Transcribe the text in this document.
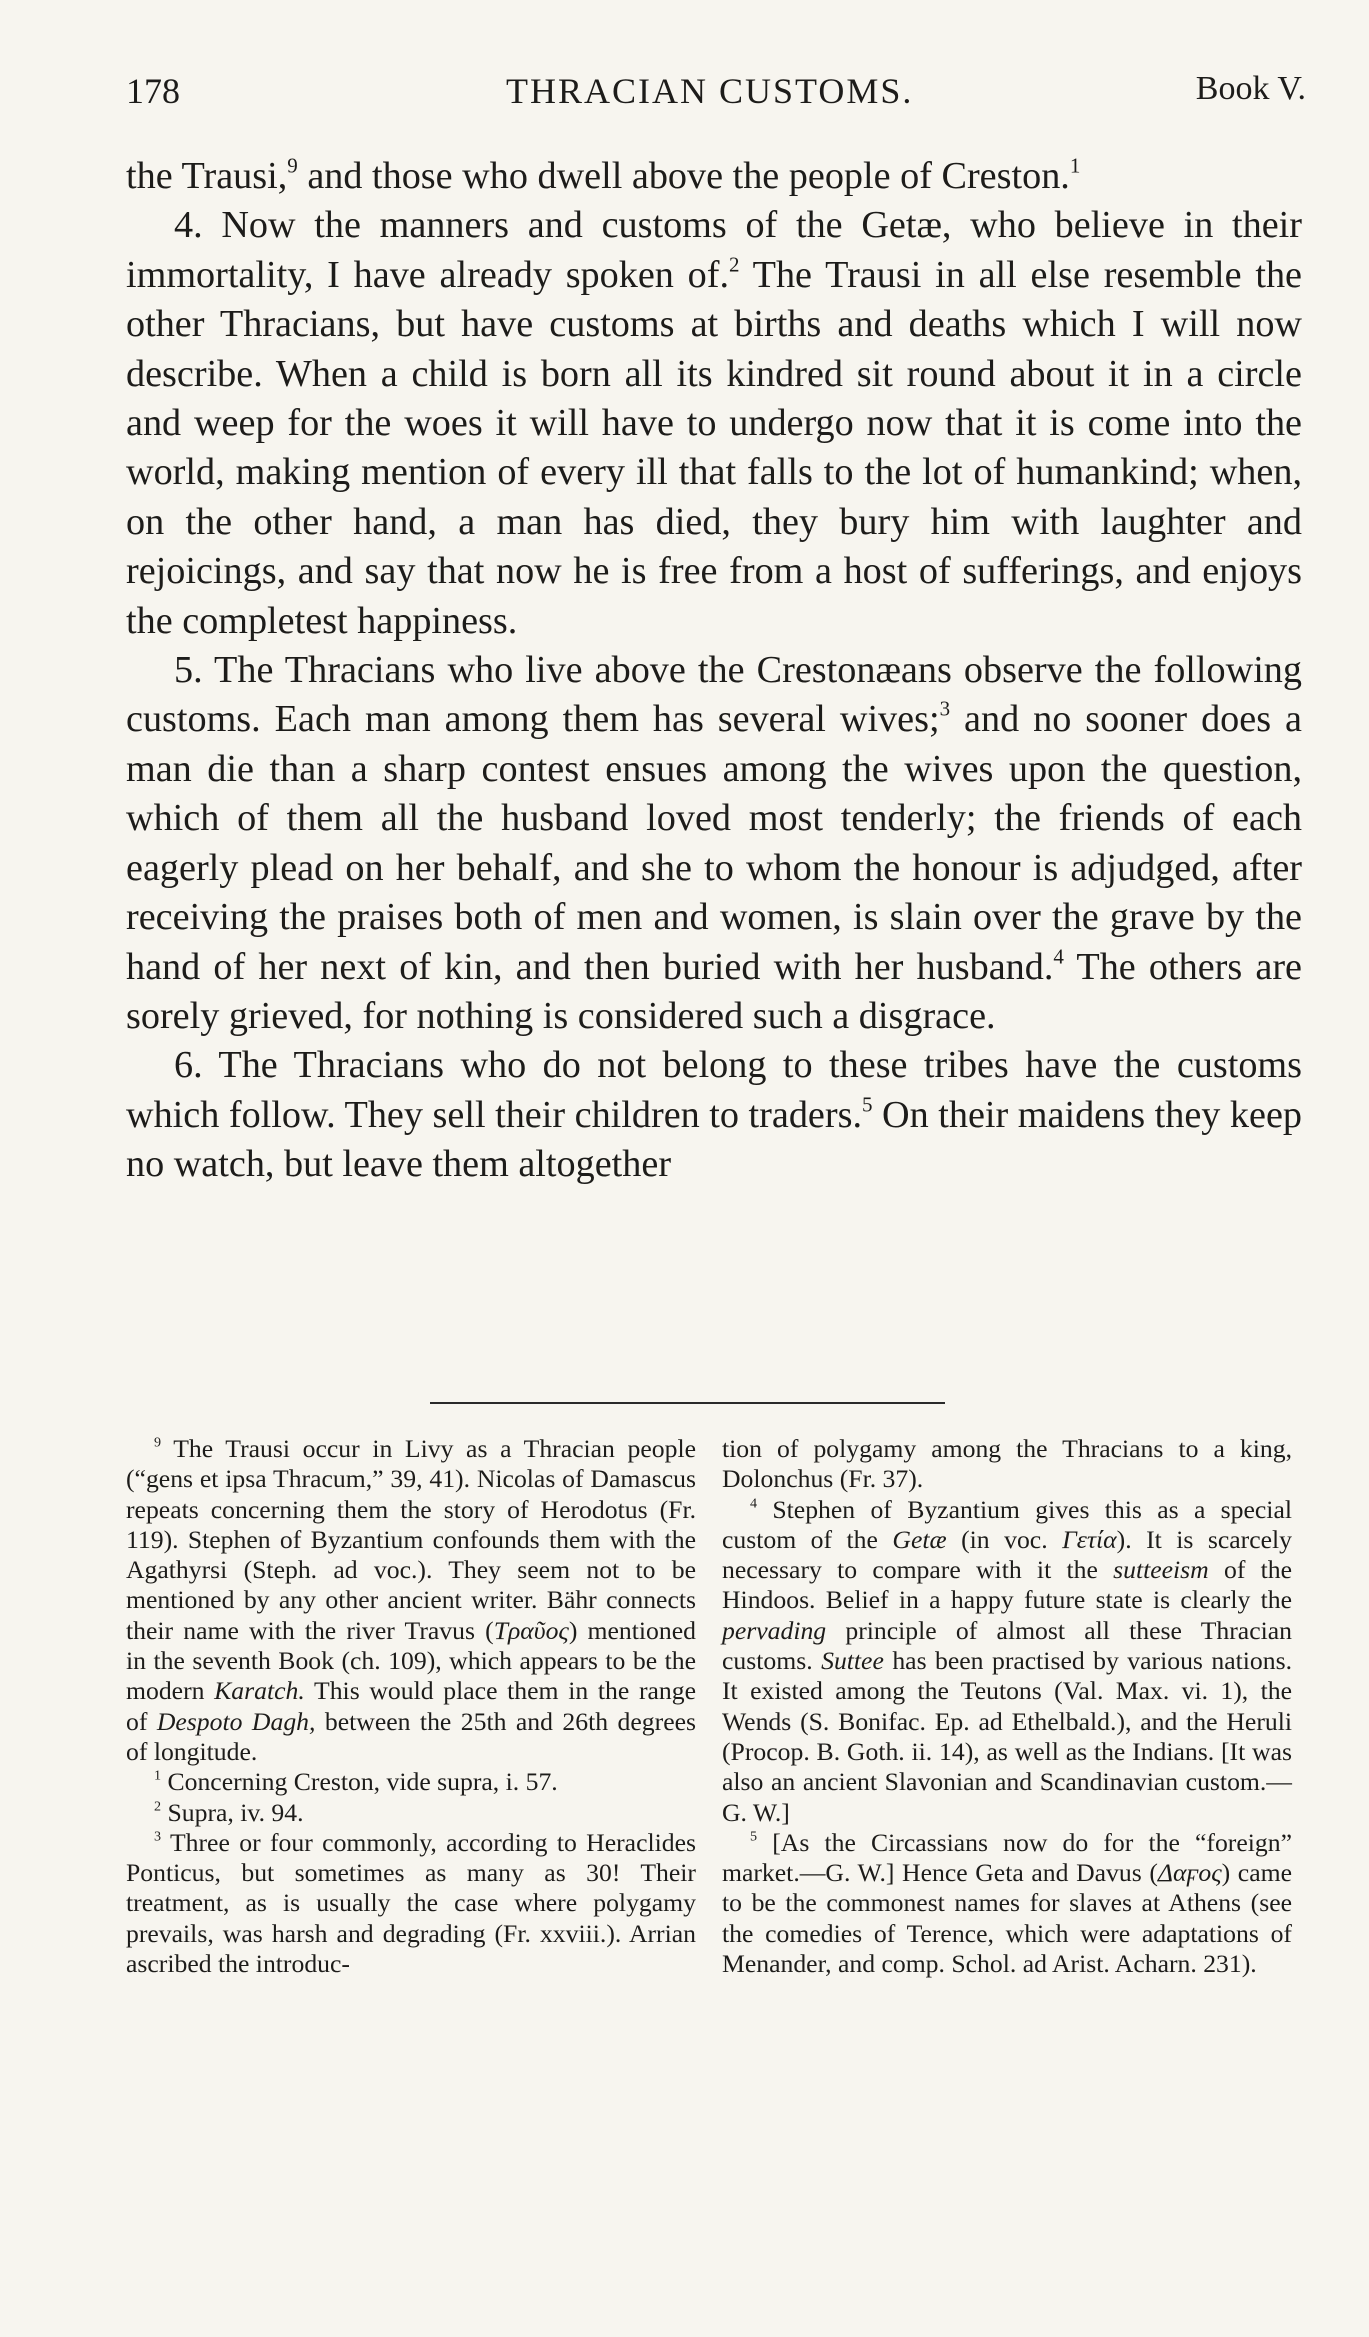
178	THRACIAN CUSTOMS.	Book V.

the Trausi,$^9$ and those who dwell above the people of Creston.$^1$

4. Now the manners and customs of the Getæ, who believe in their immortality, I have already spoken of.$^2$ The Trausi in all else resemble the other Thracians, but have customs at births and deaths which I will now describe. When a child is born all its kindred sit round about it in a circle and weep for the woes it will have to undergo now that it is come into the world, making mention of every ill that falls to the lot of humankind; when, on the other hand, a man has died, they bury him with laughter and rejoicings, and say that now he is free from a host of sufferings, and enjoys the completest happiness.

5. The Thracians who live above the Crestonæans observe the following customs. Each man among them has several wives;$^3$ and no sooner does a man die than a sharp contest ensues among the wives upon the question, which of them all the husband loved most tenderly; the friends of each eagerly plead on her behalf, and she to whom the honour is adjudged, after receiving the praises both of men and women, is slain over the grave by the hand of her next of kin, and then buried with her husband.$^4$ The others are sorely grieved, for nothing is considered such a disgrace.

6. The Thracians who do not belong to these tribes have the customs which follow. They sell their children to traders.$^5$ On their maidens they keep no watch, but leave them altogether

$^9$ The Trausi occur in Livy as a Thracian people (“gens et ipsa Thracum,” 39, 41). Nicolas of Damascus repeats concerning them the story of Herodotus (Fr. 119). Stephen of Byzantium confounds them with the Agathyrsi (Steph. ad voc.). They seem not to be mentioned by any other ancient writer. Bähr connects their name with the river Travus (Τραῦος) mentioned in the seventh Book (ch. 109), which appears to be the modern Karatch. This would place them in the range of Despoto Dagh, between the 25th and 26th degrees of longitude.

$^1$ Concerning Creston, vide supra, i. 57.

$^2$ Supra, iv. 94.

$^3$ Three or four commonly, according to Heraclides Ponticus, but sometimes as many as 30! Their treatment, as is usually the case where polygamy prevails, was harsh and degrading (Fr. xxviii.). Arrian ascribed the introduc-

tion of polygamy among the Thracians to a king, Dolonchus (Fr. 37).

$^4$ Stephen of Byzantium gives this as a special custom of the Getæ (in voc. Γετία). It is scarcely necessary to compare with it the sutteeism of the Hindoos. Belief in a happy future state is clearly the pervading principle of almost all these Thracian customs. Suttee has been practised by various nations. It existed among the Teutons (Val. Max. vi. 1), the Wends (S. Bonifac. Ep. ad Ethelbald.), and the Heruli (Procop. B. Goth. ii. 14), as well as the Indians. [It was also an ancient Slavonian and Scandinavian custom.—G. W.]

$^5$ [As the Circassians now do for the “foreign” market.—G. W.] Hence Geta and Davus (Δαϝος) came to be the commonest names for slaves at Athens (see the comedies of Terence, which were adaptations of Menander, and comp. Schol. ad Arist. Acharn. 231).
